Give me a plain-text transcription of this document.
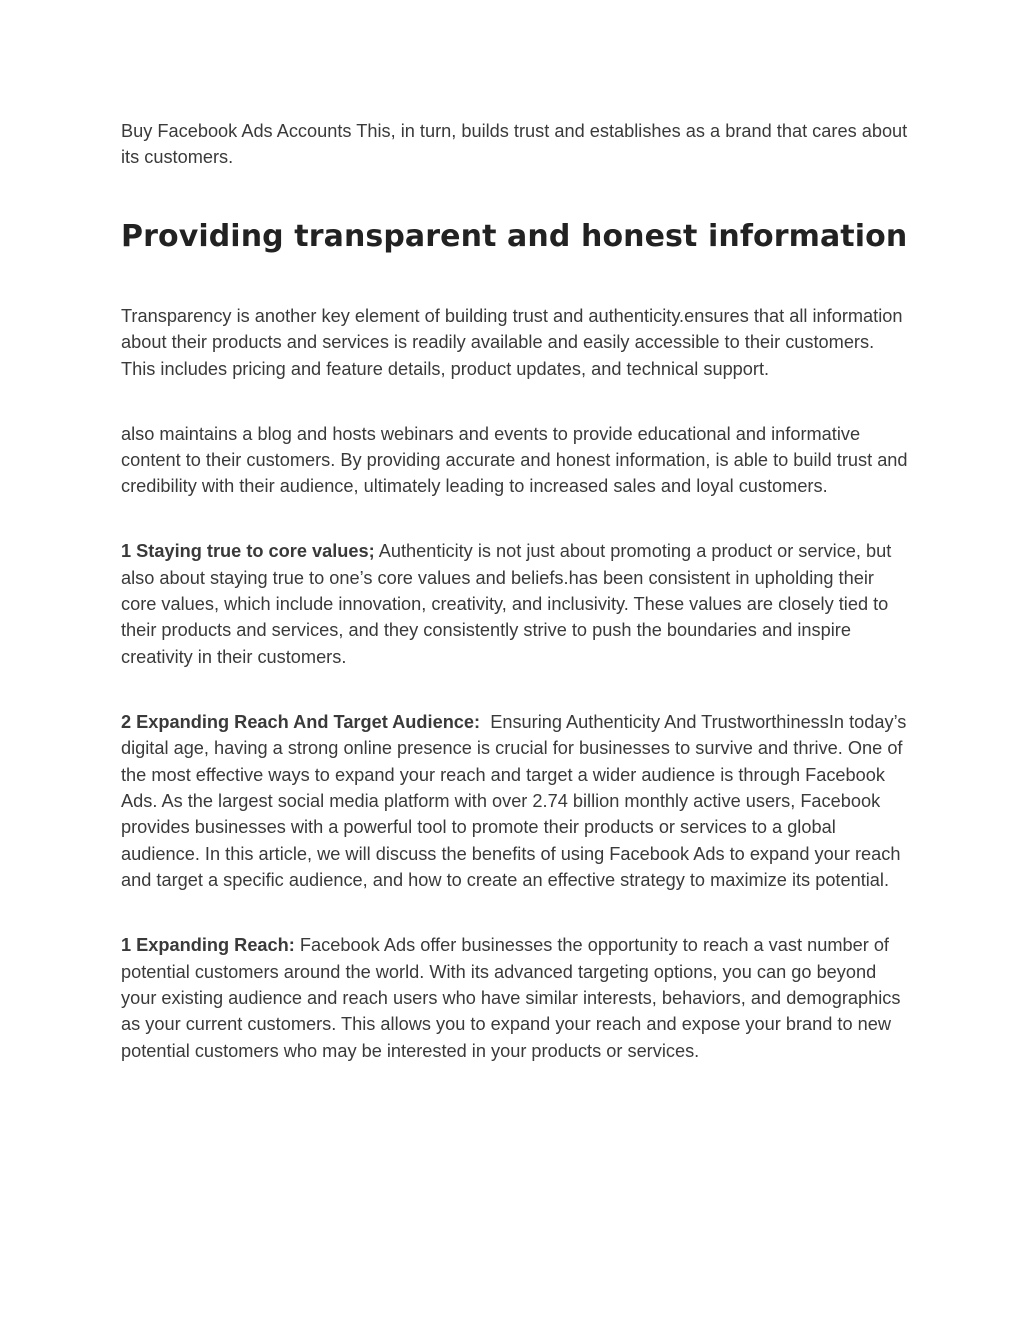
Buy Facebook Ads Accounts This, in turn, builds trust and establishes as a brand that cares about its customers.

Providing transparent and honest information

Transparency is another key element of building trust and authenticity.ensures that all information about their products and services is readily available and easily accessible to their customers. This includes pricing and feature details, product updates, and technical support.

also maintains a blog and hosts webinars and events to provide educational and informative content to their customers. By providing accurate and honest information, is able to build trust and credibility with their audience, ultimately leading to increased sales and loyal customers.

1 Staying true to core values; Authenticity is not just about promoting a product or service, but also about staying true to one’s core values and beliefs.has been consistent in upholding their core values, which include innovation, creativity, and inclusivity. These values are closely tied to their products and services, and they consistently strive to push the boundaries and inspire creativity in their customers.

2 Expanding Reach And Target Audience:  Ensuring Authenticity And TrustworthinessIn today’s digital age, having a strong online presence is crucial for businesses to survive and thrive. One of the most effective ways to expand your reach and target a wider audience is through Facebook Ads. As the largest social media platform with over 2.74 billion monthly active users, Facebook provides businesses with a powerful tool to promote their products or services to a global audience. In this article, we will discuss the benefits of using Facebook Ads to expand your reach and target a specific audience, and how to create an effective strategy to maximize its potential.

1 Expanding Reach: Facebook Ads offer businesses the opportunity to reach a vast number of potential customers around the world. With its advanced targeting options, you can go beyond your existing audience and reach users who have similar interests, behaviors, and demographics as your current customers. This allows you to expand your reach and expose your brand to new potential customers who may be interested in your products or services.
